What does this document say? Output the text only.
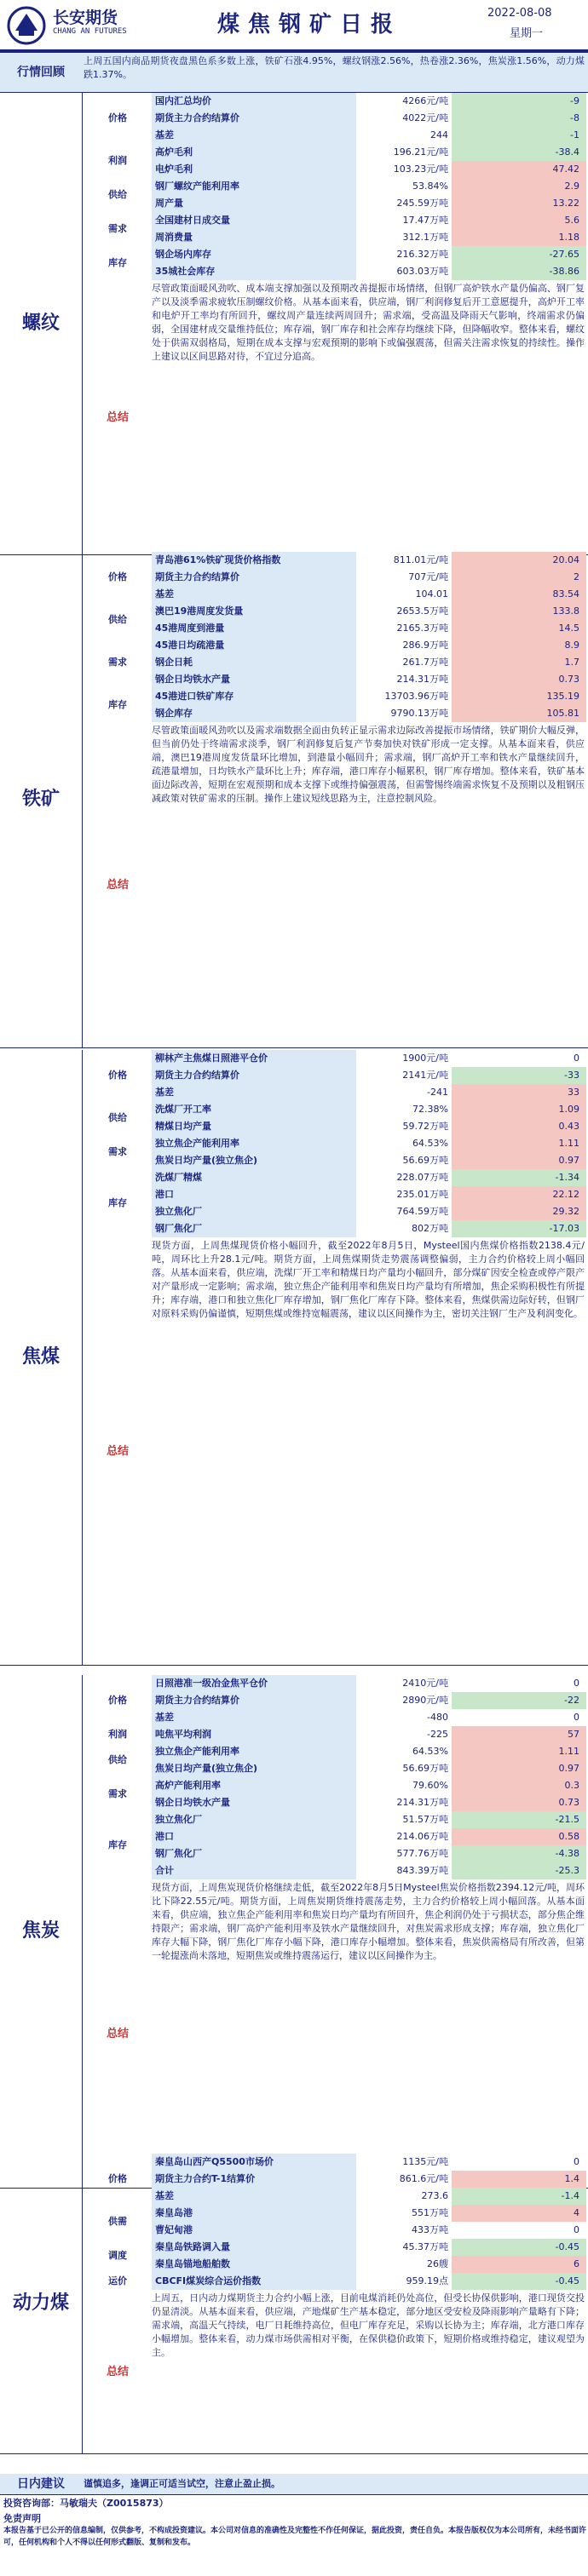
长安期货
CHANG AN FUTURES	煤焦钢矿日报	2022-08-08
星期一
行情回顾
上周五国内商品期货夜盘黑色系多数上涨，铁矿石涨4.95%，螺纹钢涨2.56%，热卷涨2.36%，焦炭涨1.56%，动力煤跌1.37%。
国内汇总均价	4266元/吨	-9
期货主力合约结算价	4022元/吨	-8
基差	244	-1
价格
高炉毛利	196.21元/吨	-38.4
电炉毛利	103.23元/吨	47.42
利润
钢厂螺纹产能利用率	53.84%	2.9
周产量	245.59万吨	13.22
供给
全国建材日成交量	17.47万吨	5.6
周消费量	312.1万吨	1.18
需求
钢企场内库存	216.32万吨	-27.65
35城社会库存	603.03万吨	-38.86
库存
总结
尽管政策面暖风劲吹、成本端支撑加强以及预期改善提振市场情绪，但钢厂高炉铁水产量仍偏高、钢厂复产以及淡季需求疲软压制螺纹价格。从基本面来看，供应端，钢厂利润修复后开工意愿提升，高炉开工率和电炉开工率均有所回升，螺纹周产量连续两周回升；需求端，受高温及降雨天气影响，终端需求仍偏弱，全国建材成交量维持低位；库存端，钢厂库存和社会库存均继续下降，但降幅收窄。整体来看，螺纹处于供需双弱格局，短期在成本支撑与宏观预期的影响下或偏强震荡，但需关注需求恢复的持续性。操作上建议以区间思路对待，不宜过分追高。
螺纹
青岛港61%铁矿现货价格指数	811.01元/吨	20.04
期货主力合约结算价	707元/吨	2
基差	104.01	83.54
价格
澳巴19港周度发货量	2653.5万吨	133.8
45港周度到港量	2165.3万吨	14.5
供给
45港日均疏港量	286.9万吨	8.9
钢企日耗	261.7万吨	1.7
钢企日均铁水产量	214.31万吨	0.73
需求
45港进口铁矿库存	13703.96万吨	135.19
钢企库存	9790.13万吨	105.81
库存
总结
尽管政策面暖风劲吹以及需求端数据全面由负转正显示需求边际改善提振市场情绪，铁矿期价大幅反弹，但当前仍处于终端需求淡季，钢厂利润修复后复产节奏加快对铁矿形成一定支撑。从基本面来看，供应端，澳巴19港周度发货量环比增加，到港量小幅回升；需求端，钢厂高炉开工率和铁水产量继续回升，疏港量增加，日均铁水产量环比上升；库存端，港口库存小幅累积，钢厂库存增加。整体来看，铁矿基本面边际改善，短期在宏观预期和成本支撑下或维持偏强震荡，但需警惕终端需求恢复不及预期以及粗钢压减政策对铁矿需求的压制。操作上建议短线思路为主，注意控制风险。
铁矿
柳林产主焦煤日照港平仓价	1900元/吨	0
期货主力合约结算价	2141元/吨	-33
基差	-241	33
价格
洗煤厂开工率	72.38%	1.09
精煤日均产量	59.72万吨	0.43
供给
独立焦企产能利用率	64.53%	1.11
焦炭日均产量(独立焦企)	56.69万吨	0.97
需求
洗煤厂精煤	228.07万吨	-1.34
港口	235.01万吨	22.12
独立焦化厂	764.59万吨	29.32
钢厂焦化厂	802万吨	-17.03
库存
总结
现货方面，上周焦煤现货价格小幅回升，截至2022年8月5日，Mysteel国内焦煤价格指数2138.4元/吨，周环比上升28.1元/吨。期货方面，上周焦煤期货走势震荡调整偏弱，主力合约价格较上周小幅回落。从基本面来看，供应端，洗煤厂开工率和精煤日均产量均小幅回升，部分煤矿因安全检查或停产限产对产量形成一定影响；需求端，独立焦企产能利用率和焦炭日均产量均有所增加，焦企采购积极性有所提升；库存端，港口和独立焦化厂库存增加，钢厂焦化厂库存下降。整体来看，焦煤供需边际好转，但钢厂对原料采购仍偏谨慎，短期焦煤或维持宽幅震荡，建议以区间操作为主，密切关注钢厂生产及利润变化。
焦煤
日照港准一级冶金焦平仓价	2410元/吨	0
期货主力合约结算价	2890元/吨	-22
基差	-480	0
价格
吨焦平均利润	-225	57
利润
独立焦企产能利用率	64.53%	1.11
焦炭日均产量(独立焦企)	56.69万吨	0.97
供给
高炉产能利用率	79.60%	0.3
钢企日均铁水产量	214.31万吨	0.73
需求
独立焦化厂	51.57万吨	-21.5
港口	214.06万吨	0.58
钢厂焦化厂	577.76万吨	-4.38
合计	843.39万吨	-25.3
库存
总结
现货方面，上周焦炭现货价格继续走低，截至2022年8月5日Mysteel焦炭价格指数2394.12元/吨，周环比下降22.55元/吨。期货方面，上周焦炭期货维持震荡走势，主力合约价格较上周小幅回落。从基本面来看，供应端，独立焦企产能利用率和焦炭日均产量均有所回升，焦企利润仍处于亏损状态，部分焦企维持限产；需求端，钢厂高炉产能利用率及铁水产量继续回升，对焦炭需求形成支撑；库存端，独立焦化厂库存大幅下降，钢厂焦化厂库存小幅下降，港口库存小幅增加。整体来看，焦炭供需格局有所改善，但第一轮提涨尚未落地，短期焦炭或维持震荡运行，建议以区间操作为主。
焦炭
秦皇岛山西产Q5500市场价	1135元/吨	0
期货主力合约T-1结算价	861.6元/吨	1.4
基差	273.6	-1.4
价格
秦皇岛港	551万吨	4
曹妃甸港	433万吨	0
供需
秦皇岛铁路调入量	45.37万吨	-0.45
秦皇岛锚地船舶数	26艘	6
调度
CBCFI煤炭综合运价指数	959.19点	-0.45
运价
总结
上周五，日内动力煤期货主力合约小幅上涨，目前电煤消耗仍处高位，但受长协保供影响，港口现货交投仍显清淡。从基本面来看，供应端，产地煤矿生产基本稳定，部分地区受安检及降雨影响产量略有下降；需求端，高温天气持续，电厂日耗维持高位，但电厂库存充足，采购以长协为主；库存端，北方港口库存小幅增加。整体来看，动力煤市场供需相对平衡，在保供稳价政策下，短期价格或维持稳定，建议观望为主。
动力煤
日内建议	谨慎追多，逢调正可适当试空，注意止盈止损。
投资咨询部：马敏瑞夫（Z0015873）
免责声明
本报告基于已公开的信息编制，仅供参考，不构成投资建议。本公司对信息的准确性及完整性不作任何保证，据此投资，责任自负。本报告版权仅为本公司所有，未经书面许可，任何机构和个人不得以任何形式翻版、复制和发布。
